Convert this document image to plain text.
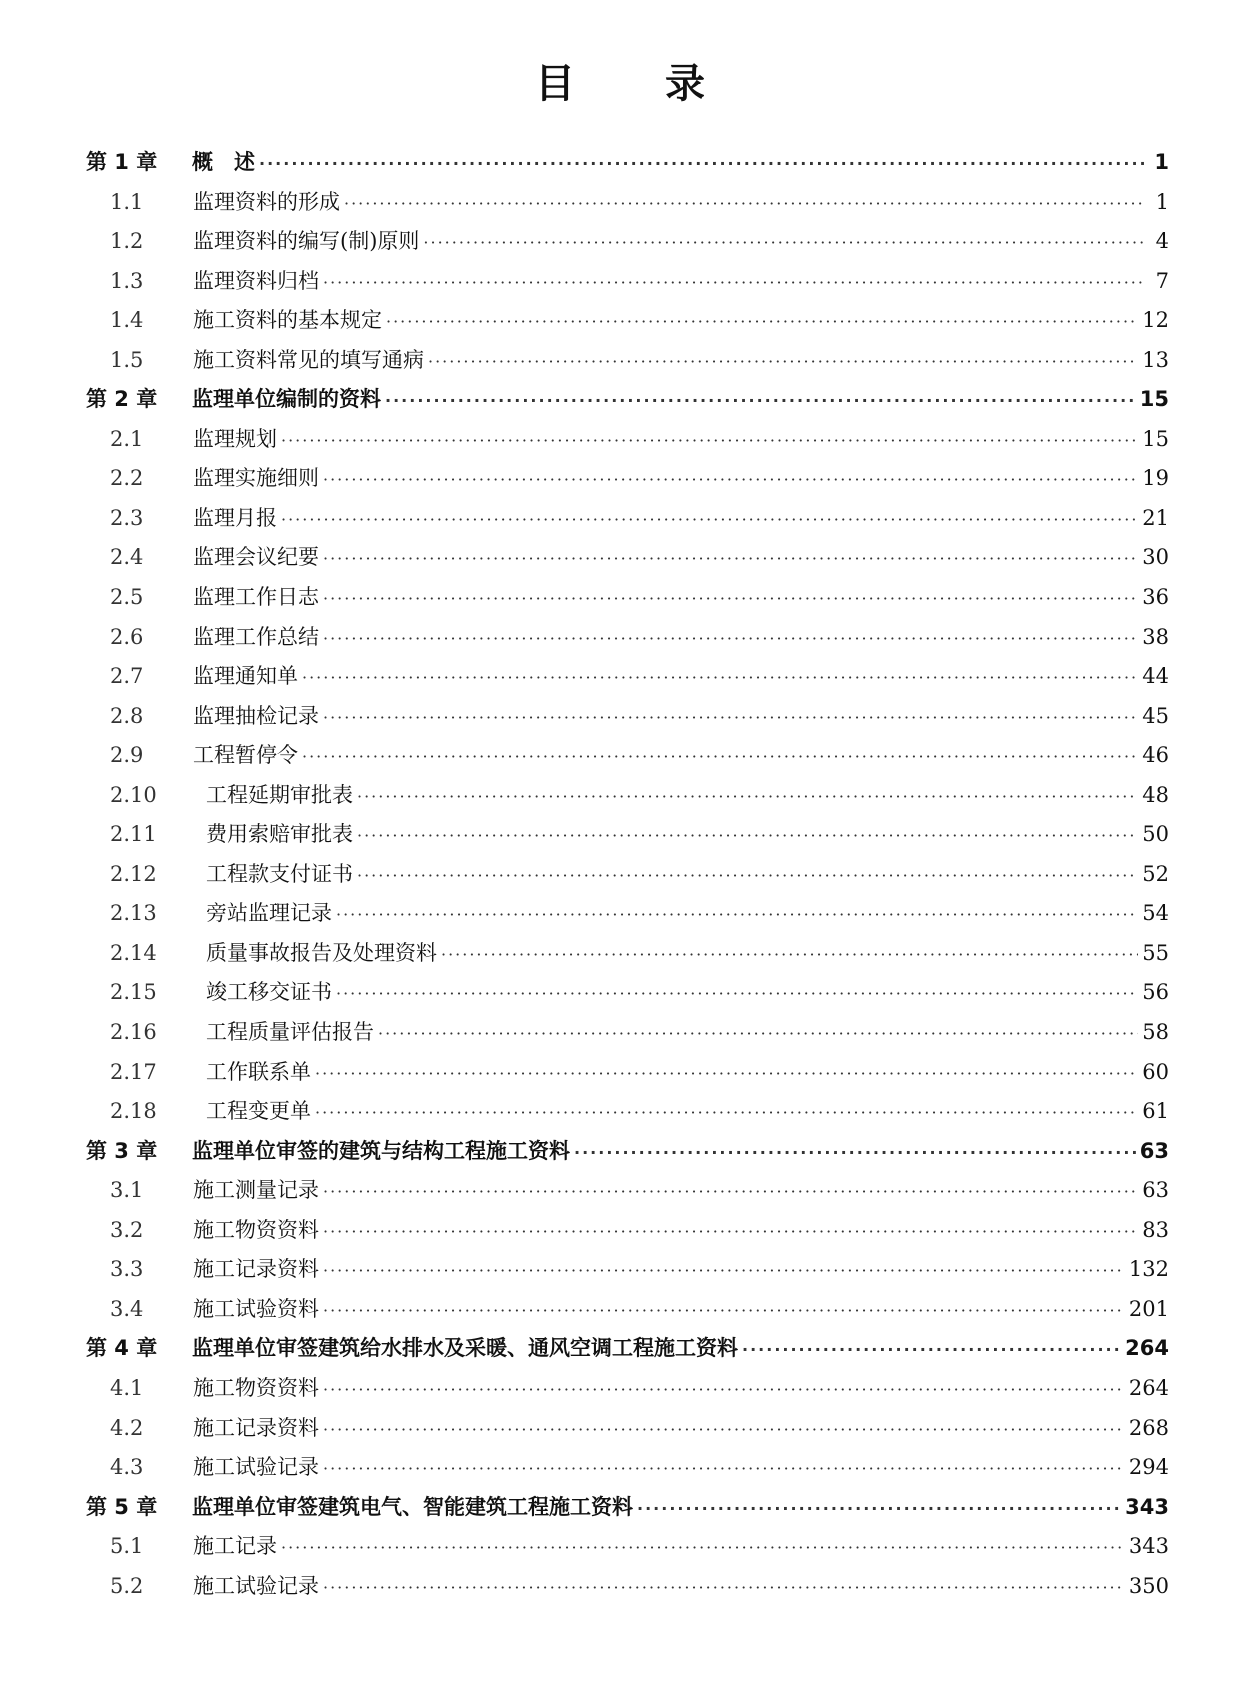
目 录
第 1 章	概　述 ·····	1
1.1	监理资料的形成 ·····	1
1.2	监理资料的编写(制)原则 ·····	4
1.3	监理资料归档 ·····	7
1.4	施工资料的基本规定 ·····	12
1.5	施工资料常见的填写通病 ·····	13
第 2 章	监理单位编制的资料 ·····	15
2.1	监理规划 ·····	15
2.2	监理实施细则 ·····	19
2.3	监理月报 ·····	21
2.4	监理会议纪要 ·····	30
2.5	监理工作日志 ·····	36
2.6	监理工作总结 ·····	38
2.7	监理通知单 ·····	44
2.8	监理抽检记录 ·····	45
2.9	工程暂停令 ·····	46
2.10	工程延期审批表 ·····	48
2.11	费用索赔审批表 ·····	50
2.12	工程款支付证书 ·····	52
2.13	旁站监理记录 ·····	54
2.14	质量事故报告及处理资料 ·····	55
2.15	竣工移交证书 ·····	56
2.16	工程质量评估报告 ·····	58
2.17	工作联系单 ·····	60
2.18	工程变更单 ·····	61
第 3 章	监理单位审签的建筑与结构工程施工资料 ·····	63
3.1	施工测量记录 ·····	63
3.2	施工物资资料 ·····	83
3.3	施工记录资料 ·····	132
3.4	施工试验资料 ·····	201
第 4 章	监理单位审签建筑给水排水及采暖、通风空调工程施工资料 ·····	264
4.1	施工物资资料 ·····	264
4.2	施工记录资料 ·····	268
4.3	施工试验记录 ·····	294
第 5 章	监理单位审签建筑电气、智能建筑工程施工资料 ·····	343
5.1	施工记录 ·····	343
5.2	施工试验记录 ·····	350
